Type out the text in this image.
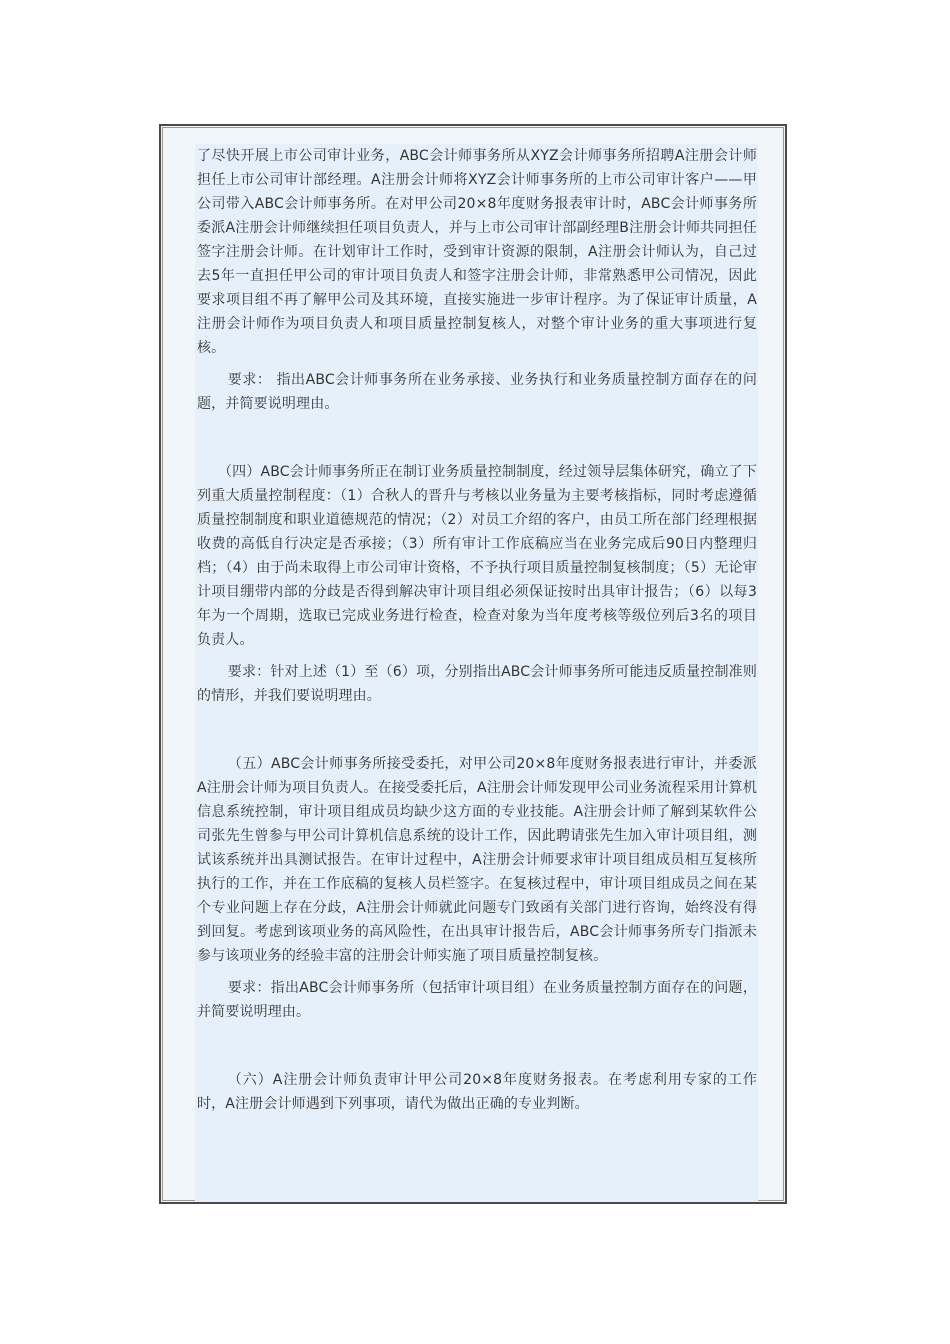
了尽快开展上市公司审计业务，ABC会计师事务所从XYZ会计师事务所招聘A注册会计师担任上市公司审计部经理。A注册会计师将XYZ会计师事务所的上市公司审计客户——甲公司带入ABC会计师事务所。在对甲公司20×8年度财务报表审计时，ABC会计师事务所委派A注册会计师继续担任项目负责人，并与上市公司审计部副经理B注册会计师共同担任签字注册会计师。在计划审计工作时，受到审计资源的限制，A注册会计师认为，自己过去5年一直担任甲公司的审计项目负责人和签字注册会计师，非常熟悉甲公司情况，因此要求项目组不再了解甲公司及其环境，直接实施进一步审计程序。为了保证审计质量，A注册会计师作为项目负责人和项目质量控制复核人，对整个审计业务的重大事项进行复核。

要求： 指出ABC会计师事务所在业务承接、业务执行和业务质量控制方面存在的问题，并简要说明理由。

（四）ABC会计师事务所正在制订业务质量控制制度，经过领导层集体研究，确立了下列重大质量控制程度：（1）合秋人的晋升与考核以业务量为主要考核指标，同时考虑遵循质量控制制度和职业道德规范的情况；（2）对员工介绍的客户，由员工所在部门经理根据收费的高低自行决定是否承接；（3）所有审计工作底稿应当在业务完成后90日内整理归档；（4）由于尚未取得上市公司审计资格，不予执行项目质量控制复核制度；（5）无论审计项目绷带内部的分歧是否得到解决审计项目组必须保证按时出具审计报告；（6）以每3年为一个周期，选取已完成业务进行检查，检查对象为当年度考核等级位列后3名的项目负责人。

要求：针对上述（1）至（6）项，分别指出ABC会计师事务所可能违反质量控制准则的情形，并我们要说明理由。

（五）ABC会计师事务所接受委托，对甲公司20×8年度财务报表进行审计，并委派A注册会计师为项目负责人。在接受委托后，A注册会计师发现甲公司业务流程采用计算机信息系统控制，审计项目组成员均缺少这方面的专业技能。A注册会计师了解到某软件公司张先生曾参与甲公司计算机信息系统的设计工作，因此聘请张先生加入审计项目组，测试该系统并出具测试报告。在审计过程中，A注册会计师要求审计项目组成员相互复核所执行的工作，并在工作底稿的复核人员栏签字。在复核过程中，审计项目组成员之间在某个专业问题上存在分歧，A注册会计师就此问题专门致函有关部门进行咨询，始终没有得到回复。考虑到该项业务的高风险性，在出具审计报告后，ABC会计师事务所专门指派未参与该项业务的经验丰富的注册会计师实施了项目质量控制复核。

要求：指出ABC会计师事务所（包括审计项目组）在业务质量控制方面存在的问题，并简要说明理由。

（六）A注册会计师负责审计甲公司20×8年度财务报表。在考虑利用专家的工作时，A注册会计师遇到下列事项，请代为做出正确的专业判断。
